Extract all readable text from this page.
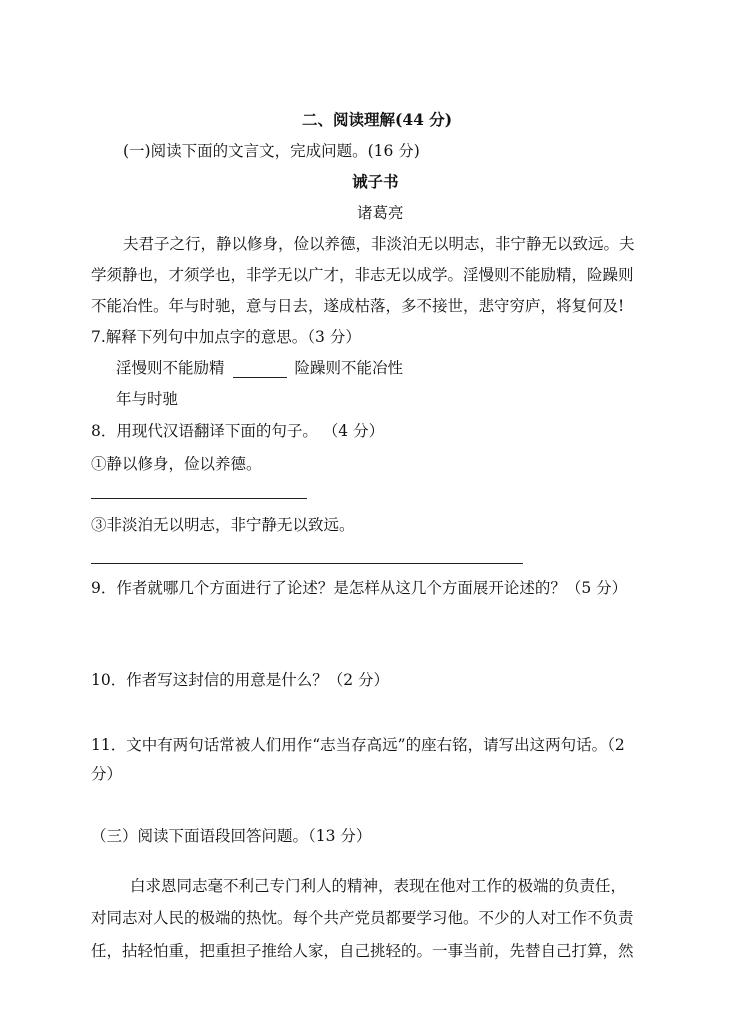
二、阅读理解(44 分)
(一)阅读下面的文言文，完成问题。(16 分)
诫子书
诸葛亮
夫君子之行，静以修身，俭以养德，非淡泊无以明志，非宁静无以致远。夫
学须静也，才须学也，非学无以广才，非志无以成学。淫慢则不能励精，险躁则
不能冶性。年与时驰，意与日去，遂成枯落，多不接世，悲守穷庐，将复何及!
7.解释下列句中加点字的意思。（3 分）
淫慢则不能励精	险躁则不能冶性
年与时驰
8．用现代汉语翻译下面的句子。 （4 分）
①静以修身，俭以养德。
③非淡泊无以明志，非宁静无以致远。
9．作者就哪几个方面进行了论述？是怎样从这几个方面展开论述的？（5 分）
10．作者写这封信的用意是什么？（2 分）
11．文中有两句话常被人们用作“志当存高远”的座右铭，请写出这两句话。（2
分）
（三）阅读下面语段回答问题。（13 分）
白求恩同志毫不利己专门利人的精神，表现在他对工作的极端的负责任，
对同志对人民的极端的热忱。每个共产党员都要学习他。不少的人对工作不负责
任，拈轻怕重，把重担子推给人家，自己挑轻的。一事当前，先替自己打算，然
